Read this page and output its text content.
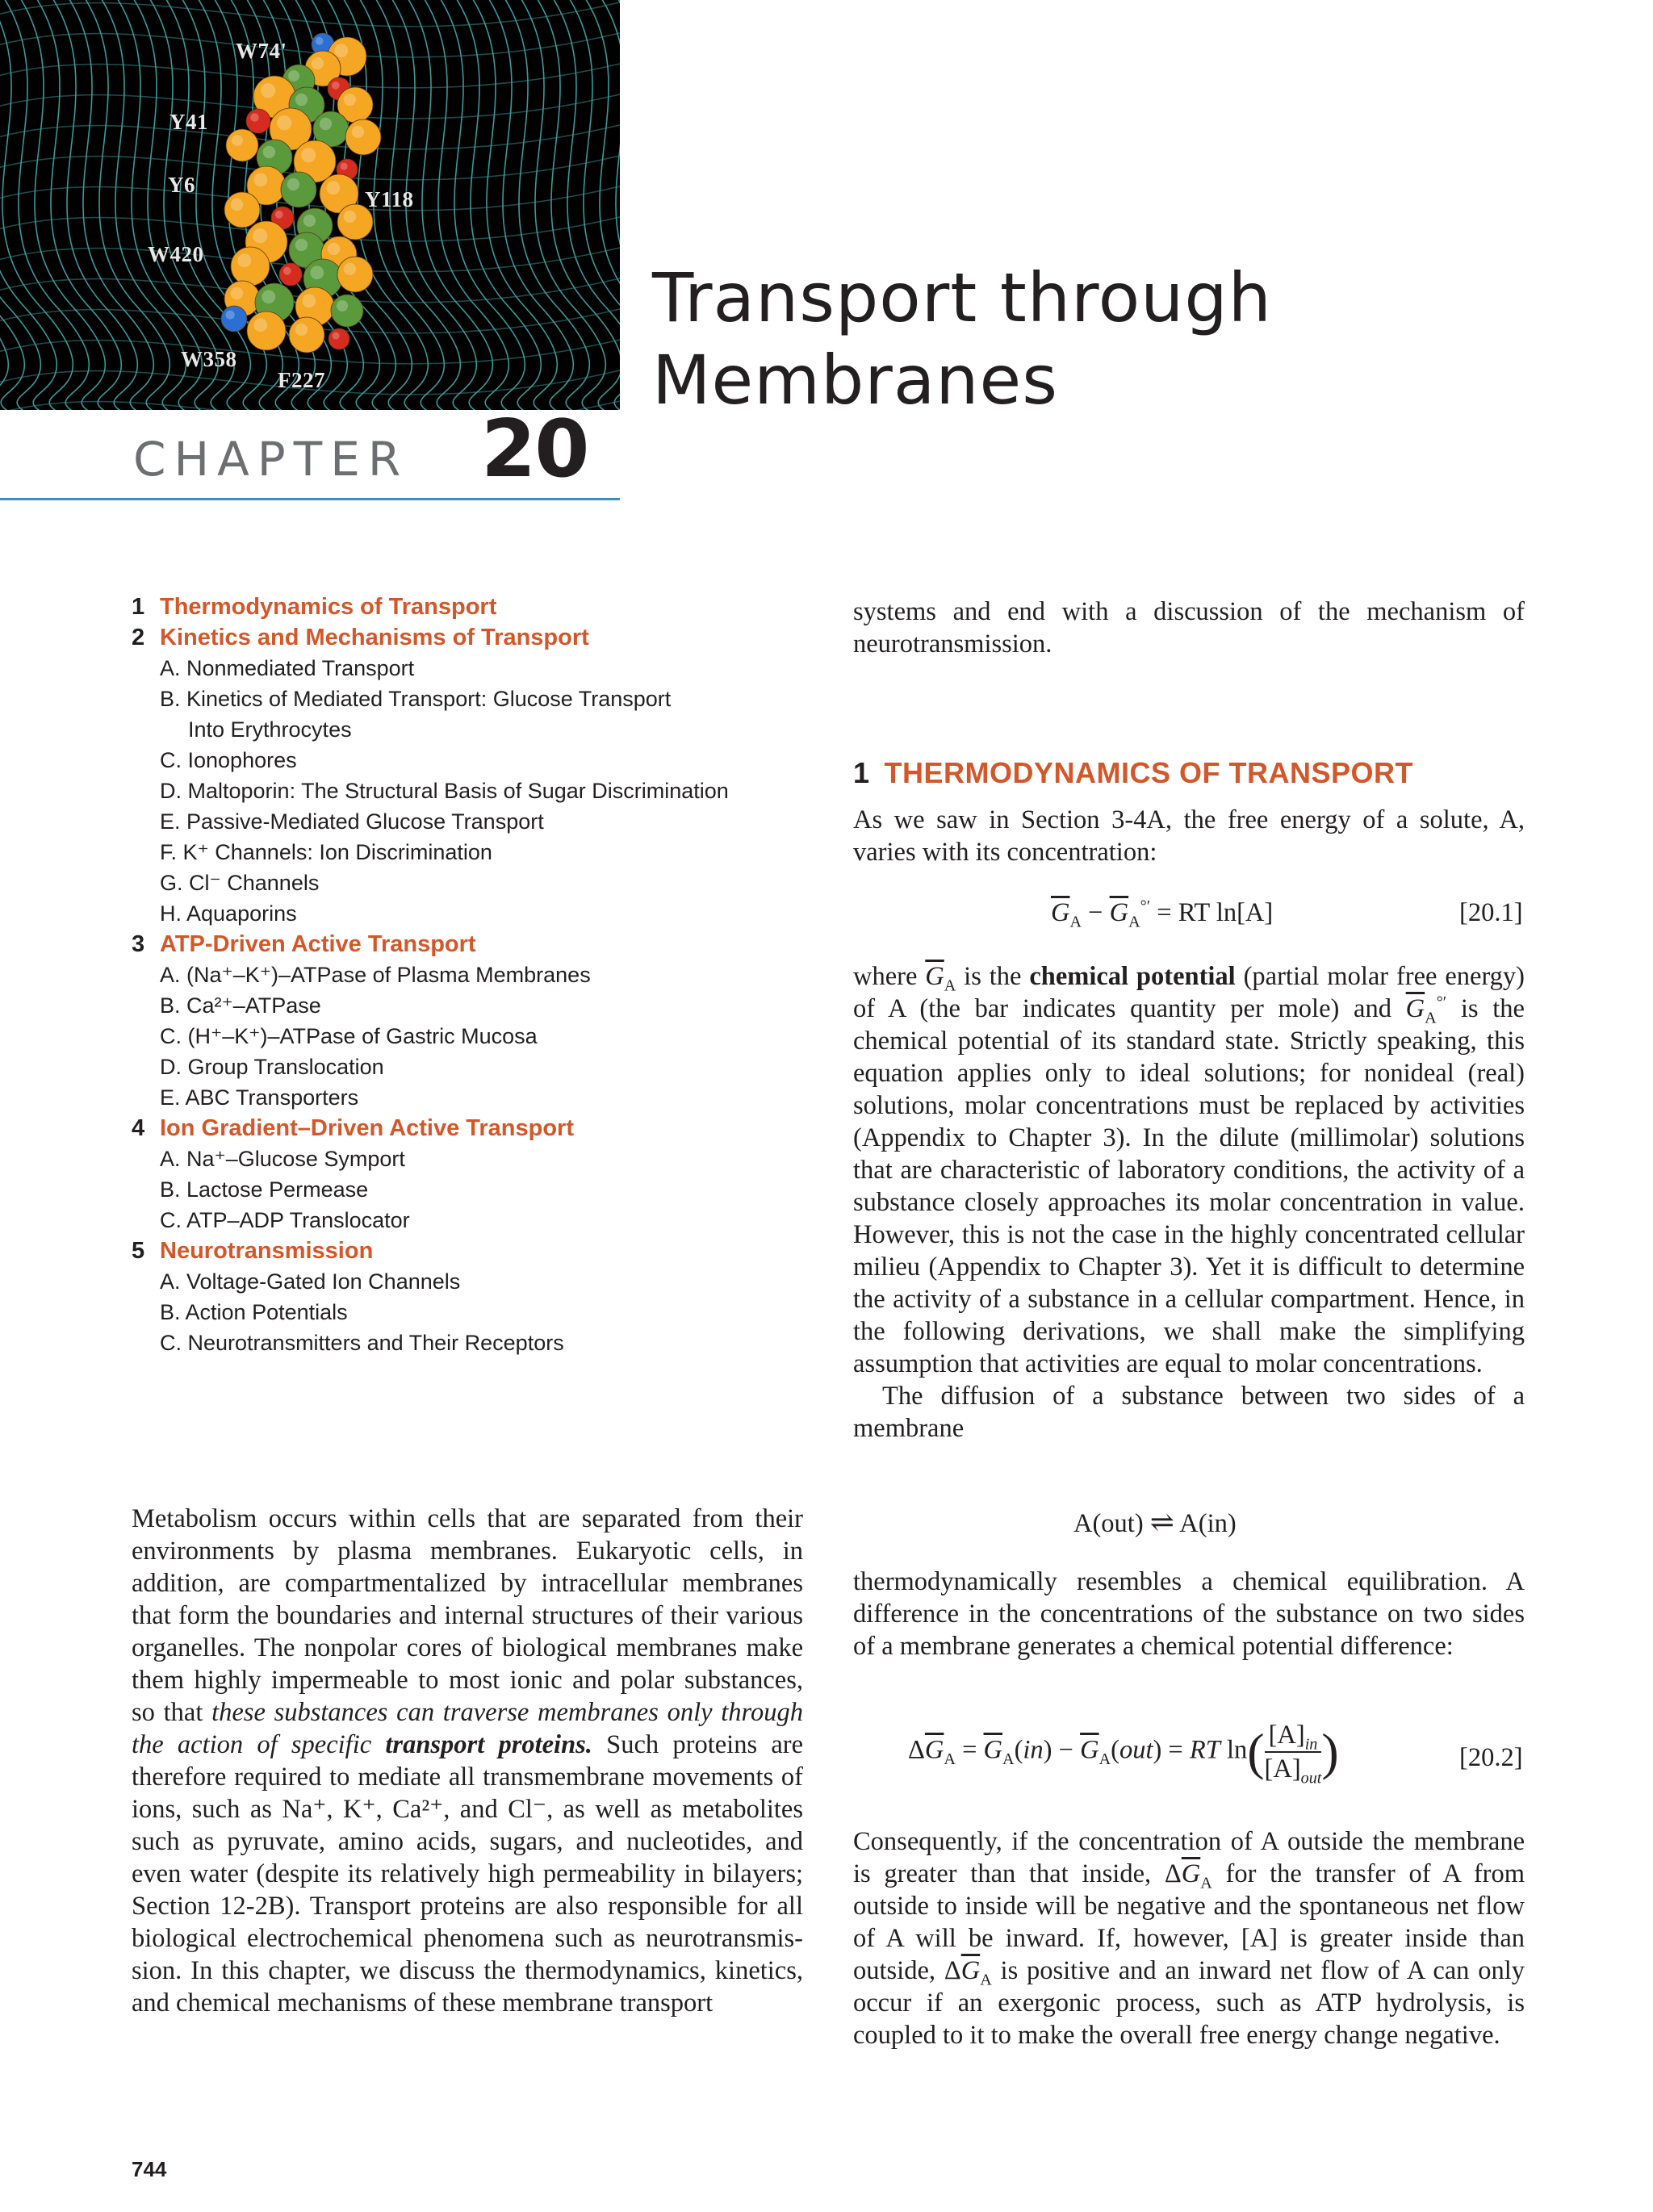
W74'
Y41
Y6
Y118
W420
W358
F227
CHAPTER 20
Transport through
Membranes
1 Thermodynamics of Transport
2 Kinetics and Mechanisms of Transport
A. Nonmediated Transport
B. Kinetics of Mediated Transport: Glucose Transport
Into Erythrocytes
C. Ionophores
D. Maltoporin: The Structural Basis of Sugar Discrimination
E. Passive-Mediated Glucose Transport
F. K⁺ Channels: Ion Discrimination
G. Cl⁻ Channels
H. Aquaporins
3 ATP-Driven Active Transport
A. (Na⁺–K⁺)–ATPase of Plasma Membranes
B. Ca²⁺–ATPase
C. (H⁺–K⁺)–ATPase of Gastric Mucosa
D. Group Translocation
E. ABC Transporters
4 Ion Gradient–Driven Active Transport
A. Na⁺–Glucose Symport
B. Lactose Permease
C. ATP–ADP Translocator
5 Neurotransmission
A. Voltage-Gated Ion Channels
B. Action Potentials
C. Neurotransmitters and Their Receptors

Metabolism occurs within cells that are separated from their environments by plasma membranes. Eukaryotic cells, in addition, are compartmentalized by intracellular membranes that form the boundaries and internal structures of their various organelles. The nonpolar cores of biological membranes make them highly impermeable to most ionic and polar substances, so that these substances can traverse membranes only through the action of specific transport proteins. Such proteins are therefore required to mediate all transmembrane movements of ions, such as Na⁺, K⁺, Ca²⁺, and Cl⁻, as well as metabolites such as pyruvate, amino acids, sugars, and nucleotides, and even water (despite its relatively high permeability in bilayers; Section 12-2B). Transport proteins are also responsible for all biological electrochemical phenomena such as neurotransmission. In this chapter, we discuss the thermodynamics, kinetics, and chemical mechanisms of these membrane transport

systems and end with a discussion of the mechanism of neurotransmission.

1 THERMODYNAMICS OF TRANSPORT

As we saw in Section 3-4A, the free energy of a solute, A, varies with its concentration:

$\overline{G}_A - \overline{G}_A^{^\circ'}$ = RT ln[A]	[20.1]

where $\overline{G}_A$ is the chemical potential (partial molar free energy) of A (the bar indicates quantity per mole) and $\overline{G}_A^{^\circ'}$ is the chemical potential of its standard state. Strictly speaking, this equation applies only to ideal solutions; for nonideal (real) solutions, molar concentrations must be replaced by activities (Appendix to Chapter 3). In the dilute (millimolar) solutions that are characteristic of laboratory conditions, the activity of a substance closely approaches its molar concentration in value. However, this is not the case in the highly concentrated cellular milieu (Appendix to Chapter 3). Yet it is difficult to determine the activity of a substance in a cellular compartment. Hence, in the following derivations, we shall make the simplifying assumption that activities are equal to molar concentrations.

The diffusion of a substance between two sides of a membrane

A(out) ⇌ A(in)

thermodynamically resembles a chemical equilibration. A difference in the concentrations of the substance on two sides of a membrane generates a chemical potential difference:

$\Delta\overline{G}_A = \overline{G}_A(in) - \overline{G}_A(out)$ = RT $\ln( \frac{[A]_{in}}{[A]_{out}}$ )	[20.2]

Consequently, if the concentration of A outside the membrane is greater than that inside, $\Delta\overline{G}_A$ for the transfer of A from outside to inside will be negative and the spontaneous net flow of A will be inward. If, however, [A] is greater inside than outside, $\Delta\overline{G}_A$ is positive and an inward net flow of A can only occur if an exergonic process, such as ATP hydrolysis, is coupled to it to make the overall free energy change negative.

744
